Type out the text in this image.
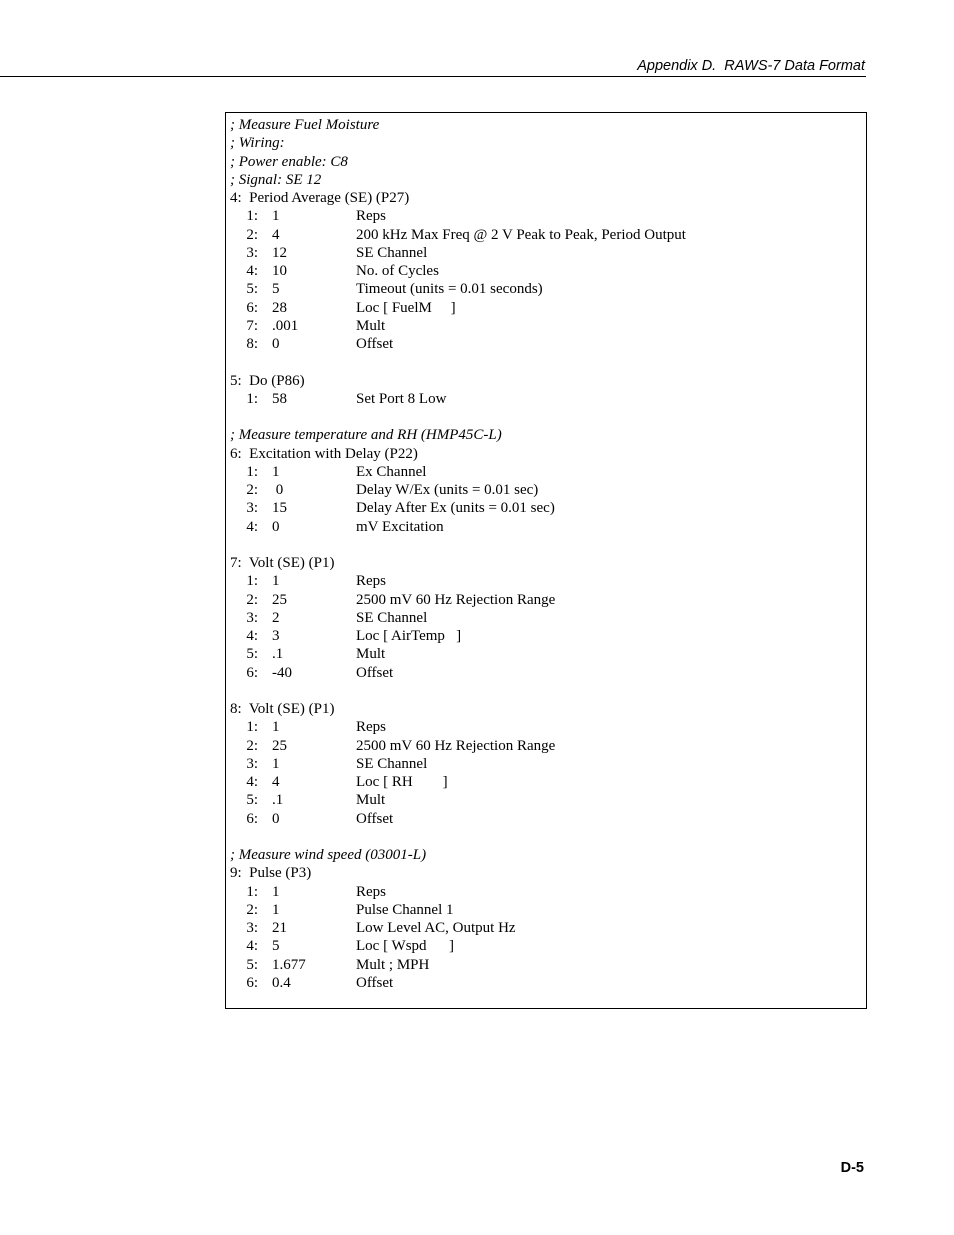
Appendix D.  RAWS-7 Data Format
; Measure Fuel Moisture
; Wiring:
; Power enable: C8
; Signal: SE 12
4:  Period Average (SE) (P27)
1: 1	Reps
2: 4	200 kHz Max Freq @ 2 V Peak to Peak, Period Output
3: 12	SE Channel
4: 10	No. of Cycles
5: 5	Timeout (units = 0.01 seconds)
6: 28	Loc [ FuelM     ]
7: .001	Mult
8: 0	Offset
5:  Do (P86)
1: 58	Set Port 8 Low
; Measure temperature and RH (HMP45C-L)
6:  Excitation with Delay (P22)
1: 1	Ex Channel
2: 0	Delay W/Ex (units = 0.01 sec)
3: 15	Delay After Ex (units = 0.01 sec)
4: 0	mV Excitation
7:  Volt (SE) (P1)
1: 1	Reps
2: 25	2500 mV 60 Hz Rejection Range
3: 2	SE Channel
4: 3	Loc [ AirTemp   ]
5: .1	Mult
6: -40	Offset
8:  Volt (SE) (P1)
1: 1	Reps
2: 25	2500 mV 60 Hz Rejection Range
3: 1	SE Channel
4: 4	Loc [ RH        ]
5: .1	Mult
6: 0	Offset
; Measure wind speed (03001-L)
9:  Pulse (P3)
1: 1	Reps
2: 1	Pulse Channel 1
3: 21	Low Level AC, Output Hz
4: 5	Loc [ Wspd      ]
5: 1.677	Mult ; MPH
6: 0.4	Offset
D-5
